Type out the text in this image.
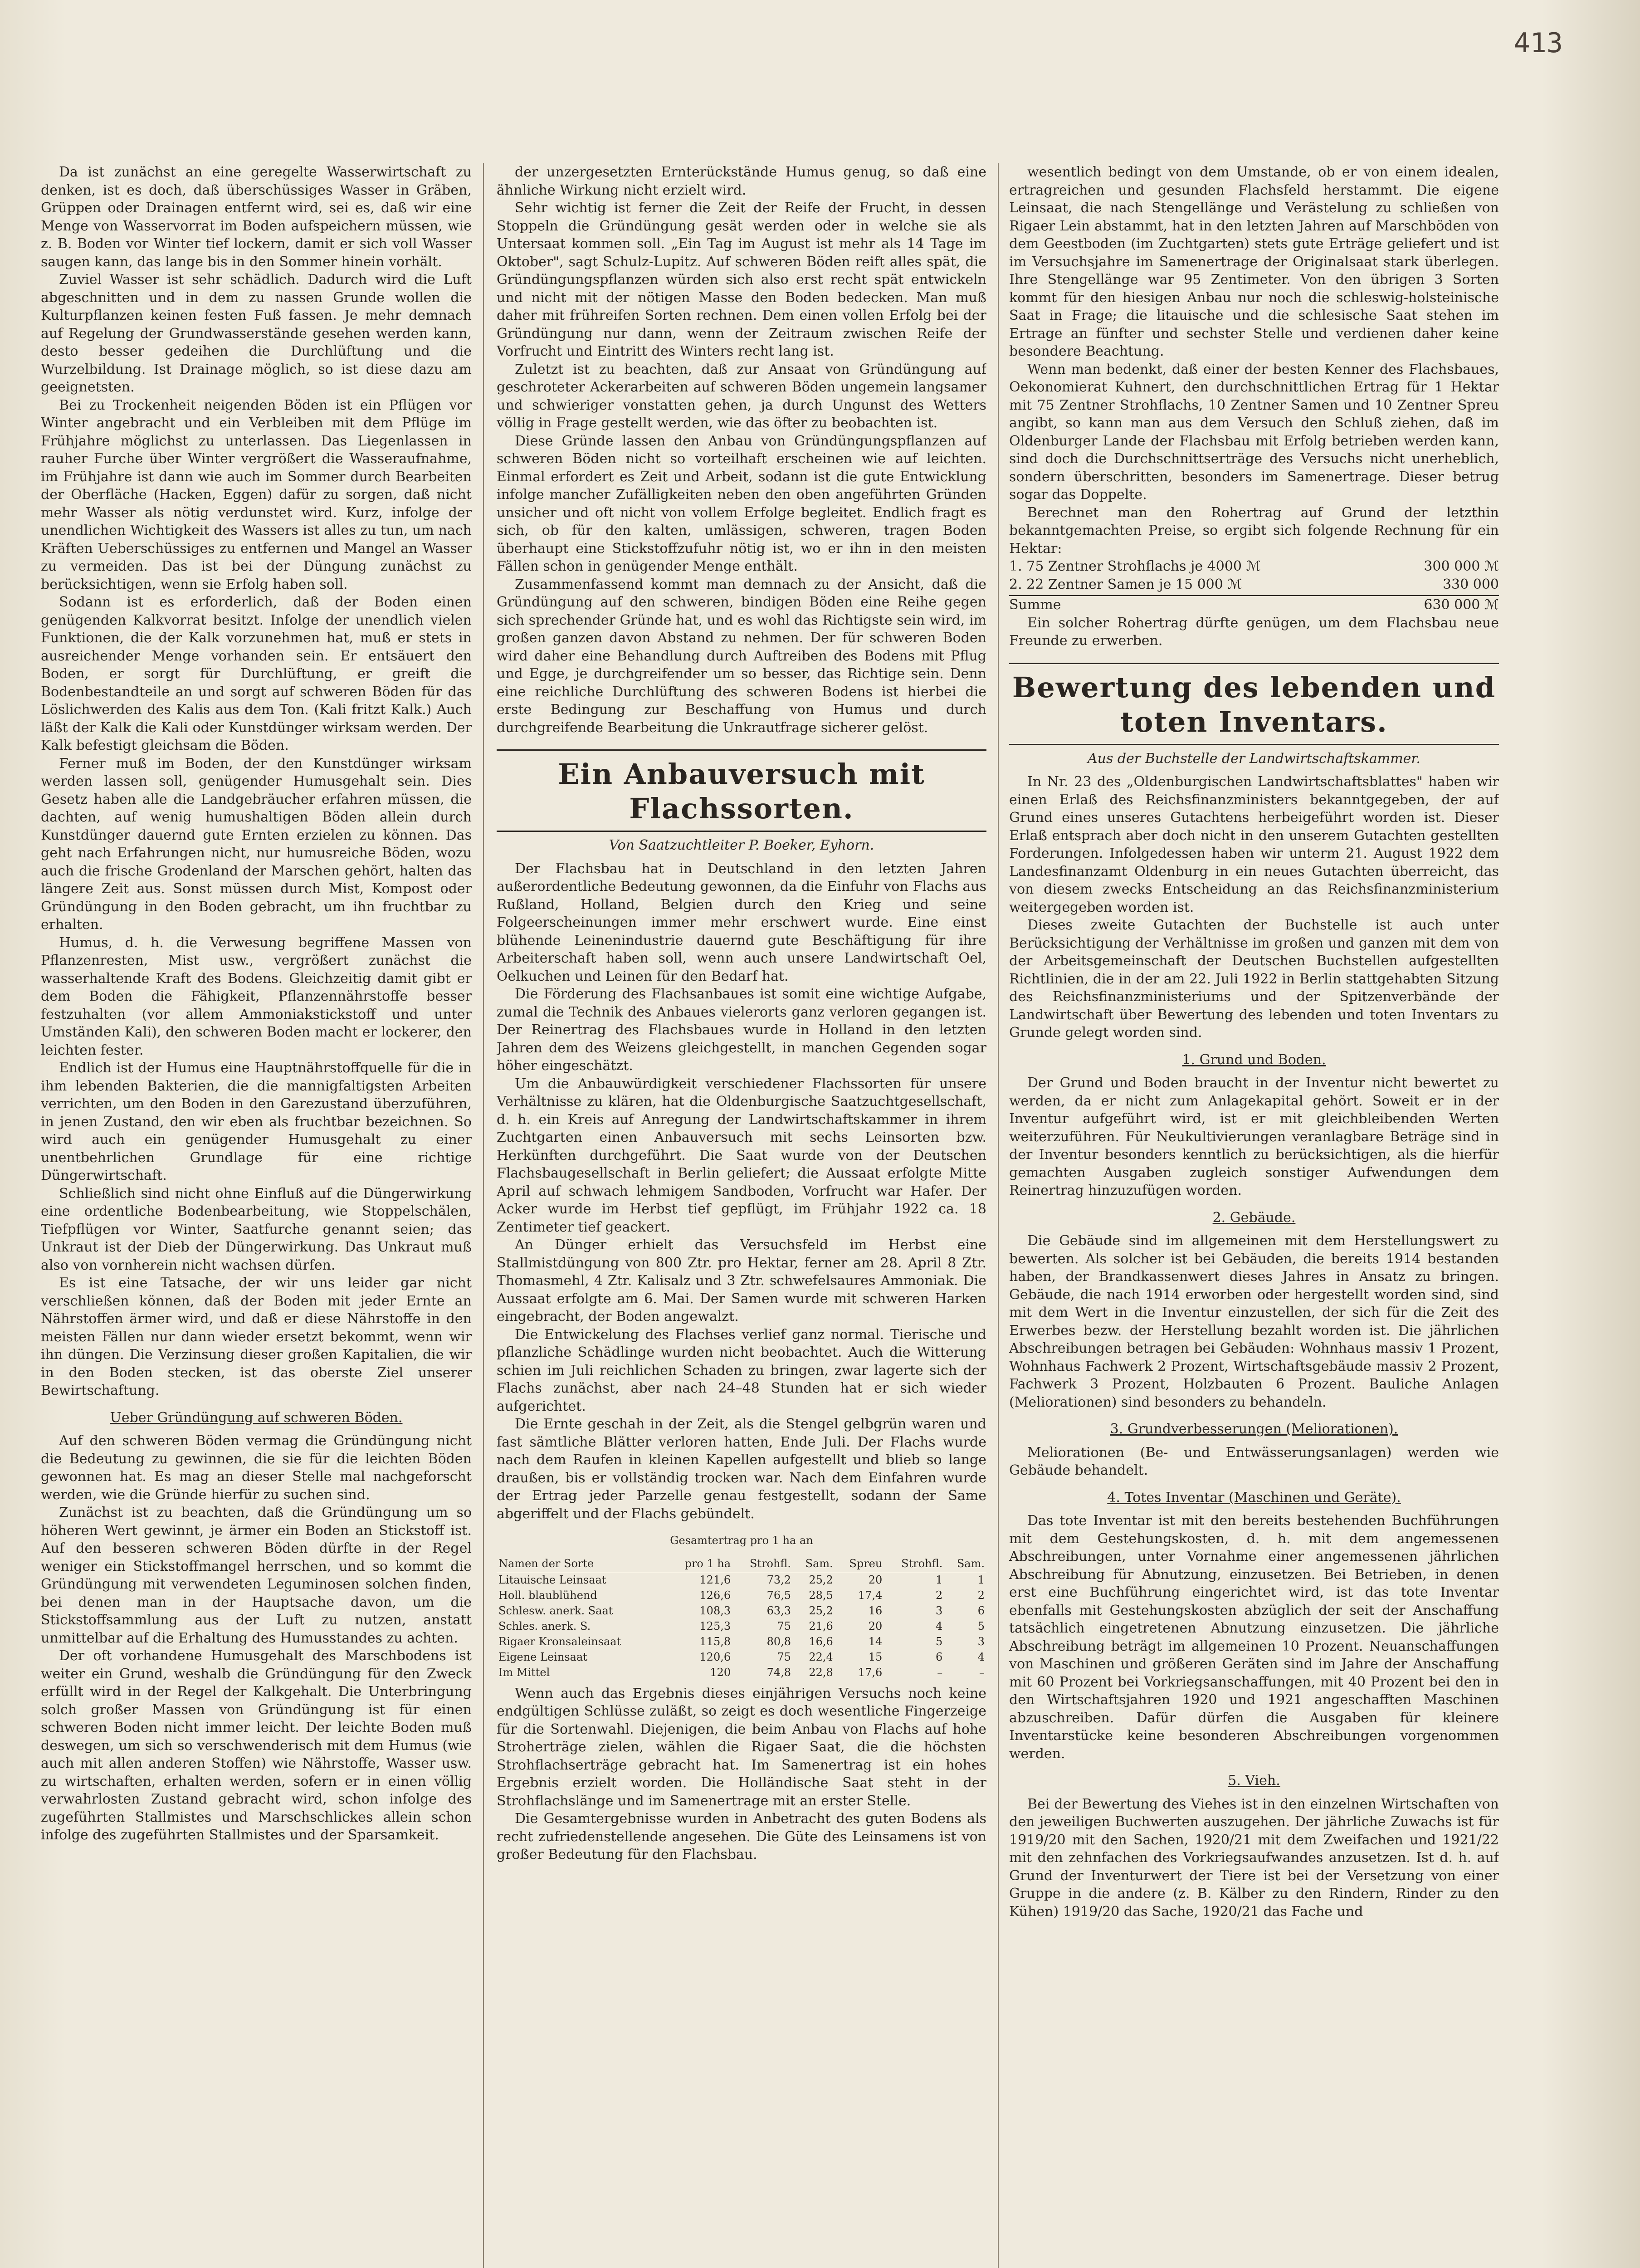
413

Da ist zunächst an eine geregelte Wasserwirtschaft zu denken, ist es doch, daß überschüssiges Wasser in Gräben, Grüppen oder Drainagen entfernt wird, sei es, daß wir eine Menge von Wasservorrat im Boden aufspeichern müssen, wie z. B. Boden vor Winter tief lockern, damit er sich voll Wasser saugen kann, das lange bis in den Sommer hinein vorhält.

Zuviel Wasser ist sehr schädlich. Dadurch wird die Luft abgeschnitten und in dem zu nassen Grunde wollen die Kulturpflanzen keinen festen Fuß fassen. Je mehr demnach auf Regelung der Grundwasserstände gesehen werden kann, desto besser gedeihen die Durchlüftung und die Wurzelbildung. Ist Drainage möglich, so ist diese dazu am geeignetsten.

Bei zu Trockenheit neigenden Böden ist ein Pflügen vor Winter angebracht und ein Verbleiben mit dem Pflüge im Frühjahre möglichst zu unterlassen. Das Liegenlassen in rauher Furche über Winter vergrößert die Wasseraufnahme, im Frühjahre ist dann wie auch im Sommer durch Bearbeiten der Oberfläche (Hacken, Eggen) dafür zu sorgen, daß nicht mehr Wasser als nötig verdunstet wird. Kurz, infolge der unendlichen Wichtigkeit des Wassers ist alles zu tun, um nach Kräften Ueberschüssiges zu entfernen und Mangel an Wasser zu vermeiden. Das ist bei der Düngung zunächst zu berücksichtigen, wenn sie Erfolg haben soll.

Sodann ist es erforderlich, daß der Boden einen genügenden Kalkvorrat besitzt. Infolge der unendlich vielen Funktionen, die der Kalk vorzunehmen hat, muß er stets in ausreichender Menge vorhanden sein. Er entsäuert den Boden, er sorgt für Durchlüftung, er greift die Bodenbestandteile an und sorgt auf schweren Böden für das Löslichwerden des Kalis aus dem Ton. (Kali fritzt Kalk.) Auch läßt der Kalk die Kali oder Kunstdünger wirksam werden. Der Kalk befestigt gleichsam die Böden.

Ferner muß im Boden, der den Kunstdünger wirksam werden lassen soll, genügender Humusgehalt sein. Dies Gesetz haben alle die Landgebräucher erfahren müssen, die dachten, auf wenig humushaltigen Böden allein durch Kunstdünger dauernd gute Ernten erzielen zu können. Das geht nach Erfahrungen nicht, nur humusreiche Böden, wozu auch die frische Grodenland der Marschen gehört, halten das längere Zeit aus. Sonst müssen durch Mist, Kompost oder Gründüngung in den Boden gebracht, um ihn fruchtbar zu erhalten.

Humus, d. h. die Verwesung begriffene Massen von Pflanzenresten, Mist usw., vergrößert zunächst die wasserhaltende Kraft des Bodens. Gleichzeitig damit gibt er dem Boden die Fähigkeit, Pflanzennährstoffe besser festzuhalten (vor allem Ammoniakstickstoff und unter Umständen Kali), den schweren Boden macht er lockerer, den leichten fester.

Endlich ist der Humus eine Hauptnährstoffquelle für die in ihm lebenden Bakterien, die die mannigfaltigsten Arbeiten verrichten, um den Boden in den Garezustand überzuführen, in jenen Zustand, den wir eben als fruchtbar bezeichnen. So wird auch ein genügender Humusgehalt zu einer unentbehrlichen Grundlage für eine richtige Düngerwirtschaft.

Schließlich sind nicht ohne Einfluß auf die Düngerwirkung eine ordentliche Bodenbearbeitung, wie Stoppelschälen, Tiefpflügen vor Winter, Saatfurche genannt seien; das Unkraut ist der Dieb der Düngerwirkung. Das Unkraut muß also von vornherein nicht wachsen dürfen.

Es ist eine Tatsache, der wir uns leider gar nicht verschließen können, daß der Boden mit jeder Ernte an Nährstoffen ärmer wird, und daß er diese Nährstoffe in den meisten Fällen nur dann wieder ersetzt bekommt, wenn wir ihn düngen. Die Verzinsung dieser großen Kapitalien, die wir in den Boden stecken, ist das oberste Ziel unserer Bewirtschaftung.

Ueber Gründüngung auf schweren Böden.

Auf den schweren Böden vermag die Gründüngung nicht die Bedeutung zu gewinnen, die sie für die leichten Böden gewonnen hat. Es mag an dieser Stelle mal nachgeforscht werden, wie die Gründe hierfür zu suchen sind.

Zunächst ist zu beachten, daß die Gründüngung um so höheren Wert gewinnt, je ärmer ein Boden an Stickstoff ist. Auf den besseren schweren Böden dürfte in der Regel weniger ein Stickstoffmangel herrschen, und so kommt die Gründüngung mit verwendeten Leguminosen solchen finden, bei denen man in der Hauptsache davon, um die Stickstoffsammlung aus der Luft zu nutzen, anstatt unmittelbar auf die Erhaltung des Humusstandes zu achten.

Der oft vorhandene Humusgehalt des Marschbodens ist weiter ein Grund, weshalb die Gründüngung für den Zweck erfüllt wird in der Regel der Kalkgehalt. Die Unterbringung solch großer Massen von Gründüngung ist für einen schweren Boden nicht immer leicht. Der leichte Boden muß deswegen, um sich so verschwenderisch mit dem Humus (wie auch mit allen anderen Stoffen) wie Nährstoffe, Wasser usw. zu wirtschaften, erhalten werden, sofern er in einen völlig verwahrlosten Zustand gebracht wird, schon infolge des zugeführten Stallmistes und Marschschlickes allein schon infolge des zugeführten Stallmistes und der Sparsamkeit.

der unzergesetzten Ernterückstände Humus genug, so daß eine ähnliche Wirkung nicht erzielt wird.

Sehr wichtig ist ferner die Zeit der Reife der Frucht, in dessen Stoppeln die Gründüngung gesät werden oder in welche sie als Untersaat kommen soll. „Ein Tag im August ist mehr als 14 Tage im Oktober", sagt Schulz-Lupitz. Auf schweren Böden reift alles spät, die Gründüngungspflanzen würden sich also erst recht spät entwickeln und nicht mit der nötigen Masse den Boden bedecken. Man muß daher mit frühreifen Sorten rechnen. Dem einen vollen Erfolg bei der Gründüngung nur dann, wenn der Zeitraum zwischen Reife der Vorfrucht und Eintritt des Winters recht lang ist.

Zuletzt ist zu beachten, daß zur Ansaat von Gründüngung auf geschroteter Ackerarbeiten auf schweren Böden ungemein langsamer und schwieriger vonstatten gehen, ja durch Ungunst des Wetters völlig in Frage gestellt werden, wie das öfter zu beobachten ist.

Diese Gründe lassen den Anbau von Gründüngungspflanzen auf schweren Böden nicht so vorteilhaft erscheinen wie auf leichten. Einmal erfordert es Zeit und Arbeit, sodann ist die gute Entwicklung infolge mancher Zufälligkeiten neben den oben angeführten Gründen unsicher und oft nicht von vollem Erfolge begleitet. Endlich fragt es sich, ob für den kalten, umlässigen, schweren, tragen Boden überhaupt eine Stickstoffzufuhr nötig ist, wo er ihn in den meisten Fällen schon in genügender Menge enthält.

Zusammenfassend kommt man demnach zu der Ansicht, daß die Gründüngung auf den schweren, bindigen Böden eine Reihe gegen sich sprechender Gründe hat, und es wohl das Richtigste sein wird, im großen ganzen davon Abstand zu nehmen. Der für schweren Boden wird daher eine Behandlung durch Auftreiben des Bodens mit Pflug und Egge, je durchgreifender um so besser, das Richtige sein. Denn eine reichliche Durchlüftung des schweren Bodens ist hierbei die erste Bedingung zur Beschaffung von Humus und durch durchgreifende Bearbeitung die Unkrautfrage sicherer gelöst.

Ein Anbauversuch mit Flachssorten.
Von Saatzuchtleiter P. Boeker, Eyhorn.

Der Flachsbau hat in Deutschland in den letzten Jahren außerordentliche Bedeutung gewonnen, da die Einfuhr von Flachs aus Rußland, Holland, Belgien durch den Krieg und seine Folgeerscheinungen immer mehr erschwert wurde. Eine einst blühende Leinenindustrie dauernd gute Beschäftigung für ihre Arbeiterschaft haben soll, wenn auch unsere Landwirtschaft Oel, Oelkuchen und Leinen für den Bedarf hat.

Die Förderung des Flachsanbaues ist somit eine wichtige Aufgabe, zumal die Technik des Anbaues vielerorts ganz verloren gegangen ist. Der Reinertrag des Flachsbaues wurde in Holland in den letzten Jahren dem des Weizens gleichgestellt, in manchen Gegenden sogar höher eingeschätzt.

Um die Anbauwürdigkeit verschiedener Flachssorten für unsere Verhältnisse zu klären, hat die Oldenburgische Saatzuchtgesellschaft, d. h. ein Kreis auf Anregung der Landwirtschaftskammer in ihrem Zuchtgarten einen Anbauversuch mit sechs Leinsorten bzw. Herkünften durchgeführt. Die Saat wurde von der Deutschen Flachsbaugesellschaft in Berlin geliefert; die Aussaat erfolgte Mitte April auf schwach lehmigem Sandboden, Vorfrucht war Hafer. Der Acker wurde im Herbst tief gepflügt, im Frühjahr 1922 ca. 18 Zentimeter tief geackert.

An Dünger erhielt das Versuchsfeld im Herbst eine Stallmistdüngung von 800 Ztr. pro Hektar, ferner am 28. April 8 Ztr. Thomasmehl, 4 Ztr. Kalisalz und 3 Ztr. schwefelsaures Ammoniak. Die Aussaat erfolgte am 6. Mai. Der Samen wurde mit schweren Harken eingebracht, der Boden angewalzt.

Die Entwickelung des Flachses verlief ganz normal. Tierische und pflanzliche Schädlinge wurden nicht beobachtet. Auch die Witterung schien im Juli reichlichen Schaden zu bringen, zwar lagerte sich der Flachs zunächst, aber nach 24–48 Stunden hat er sich wieder aufgerichtet.

Die Ernte geschah in der Zeit, als die Stengel gelbgrün waren und fast sämtliche Blätter verloren hatten, Ende Juli. Der Flachs wurde nach dem Raufen in kleinen Kapellen aufgestellt und blieb so lange draußen, bis er vollständig trocken war. Nach dem Einfahren wurde der Ertrag jeder Parzelle genau festgestellt, sodann der Same abgeriffelt und der Flachs gebündelt.

Gesamtertrag pro 1 ha an
Namen der Sorte	pro 1 ha	Strohfl.	Sam.	Spreu	Strohfl.	Sam.
Litauische Leinsaat	121,6	73,2	25,2	20	1	1
Holl. blaublühend	126,6	76,5	28,5	17,4	2	2
Schlesw. anerk. Saat	108,3	63,3	25,2	16	3	6
Schles. anerk. S.	125,3	75	21,6	20	4	5
Rigaer Kronsaleinsaat	115,8	80,8	16,6	14	5	3
Eigene Leinsaat	120,6	75	22,4	15	6	4
Im Mittel	120	74,8	22,8	17,6	–	–

Wenn auch das Ergebnis dieses einjährigen Versuchs noch keine endgültigen Schlüsse zuläßt, so zeigt es doch wesentliche Fingerzeige für die Sortenwahl. Diejenigen, die beim Anbau von Flachs auf hohe Stroherträge zielen, wählen die Rigaer Saat, die die höchsten Strohflachserträge gebracht hat. Im Samenertrag ist ein hohes Ergebnis erzielt worden. Die Holländische Saat steht in der Strohflachslänge und im Samenertrage mit an erster Stelle.

Die Gesamtergebnisse wurden in Anbetracht des guten Bodens als recht zufriedenstellende angesehen. Die Güte des Leinsamens ist von großer Bedeutung für den Flachsbau.

wesentlich bedingt von dem Umstande, ob er von einem idealen, ertragreichen und gesunden Flachsfeld herstammt. Die eigene Leinsaat, die nach Stengellänge und Verästelung zu schließen von Rigaer Lein abstammt, hat in den letzten Jahren auf Marschböden von dem Geestboden (im Zuchtgarten) stets gute Erträge geliefert und ist im Versuchsjahre im Samenertrage der Originalsaat stark überlegen. Ihre Stengellänge war 95 Zentimeter. Von den übrigen 3 Sorten kommt für den hiesigen Anbau nur noch die schleswig-holsteinische Saat in Frage; die litauische und die schlesische Saat stehen im Ertrage an fünfter und sechster Stelle und verdienen daher keine besondere Beachtung.

Wenn man bedenkt, daß einer der besten Kenner des Flachsbaues, Oekonomierat Kuhnert, den durchschnittlichen Ertrag für 1 Hektar mit 75 Zentner Strohflachs, 10 Zentner Samen und 10 Zentner Spreu angibt, so kann man aus dem Versuch den Schluß ziehen, daß im Oldenburger Lande der Flachsbau mit Erfolg betrieben werden kann, sind doch die Durchschnittserträge des Versuchs nicht unerheblich, sondern überschritten, besonders im Samenertrage. Dieser betrug sogar das Doppelte.

Berechnet man den Rohertrag auf Grund der letzthin bekanntgemachten Preise, so ergibt sich folgende Rechnung für ein Hektar:

1. 75 Zentner Strohflachs je 4000 ℳ	300 000 ℳ
2. 22 Zentner Samen je 15 000 ℳ	330 000
Summe	630 000 ℳ

Ein solcher Rohertrag dürfte genügen, um dem Flachsbau neue Freunde zu erwerben.

Bewertung des lebenden und toten Inventars.
Aus der Buchstelle der Landwirtschaftskammer.

In Nr. 23 des „Oldenburgischen Landwirtschaftsblattes" haben wir einen Erlaß des Reichsfinanzministers bekanntgegeben, der auf Grund eines unseres Gutachtens herbeigeführt worden ist. Dieser Erlaß entsprach aber doch nicht in den unserem Gutachten gestellten Forderungen. Infolgedessen haben wir unterm 21. August 1922 dem Landesfinanzamt Oldenburg in ein neues Gutachten überreicht, das von diesem zwecks Entscheidung an das Reichsfinanzministerium weitergegeben worden ist.

Dieses zweite Gutachten der Buchstelle ist auch unter Berücksichtigung der Verhältnisse im großen und ganzen mit dem von der Arbeitsgemeinschaft der Deutschen Buchstellen aufgestellten Richtlinien, die in der am 22. Juli 1922 in Berlin stattgehabten Sitzung des Reichsfinanzministeriums und der Spitzenverbände der Landwirtschaft über Bewertung des lebenden und toten Inventars zu Grunde gelegt worden sind.

1. Grund und Boden.

Der Grund und Boden braucht in der Inventur nicht bewertet zu werden, da er nicht zum Anlagekapital gehört. Soweit er in der Inventur aufgeführt wird, ist er mit gleichbleibenden Werten weiterzuführen. Für Neukultivierungen veranlagbare Beträge sind in der Inventur besonders kenntlich zu berücksichtigen, als die hierfür gemachten Ausgaben zugleich sonstiger Aufwendungen dem Reinertrag hinzuzufügen worden.

2. Gebäude.

Die Gebäude sind im allgemeinen mit dem Herstellungswert zu bewerten. Als solcher ist bei Gebäuden, die bereits 1914 bestanden haben, der Brandkassenwert dieses Jahres in Ansatz zu bringen. Gebäude, die nach 1914 erworben oder hergestellt worden sind, sind mit dem Wert in die Inventur einzustellen, der sich für die Zeit des Erwerbes bezw. der Herstellung bezahlt worden ist. Die jährlichen Abschreibungen betragen bei Gebäuden: Wohnhaus massiv 1 Prozent, Wohnhaus Fachwerk 2 Prozent, Wirtschaftsgebäude massiv 2 Prozent, Fachwerk 3 Prozent, Holzbauten 6 Prozent. Bauliche Anlagen (Meliorationen) sind besonders zu behandeln.

3. Grundverbesserungen (Meliorationen).

Meliorationen (Be- und Entwässerungsanlagen) werden wie Gebäude behandelt.

4. Totes Inventar (Maschinen und Geräte).

Das tote Inventar ist mit den bereits bestehenden Buchführungen mit dem Gestehungskosten, d. h. mit dem angemessenen Abschreibungen, unter Vornahme einer angemessenen jährlichen Abschreibung für Abnutzung, einzusetzen. Bei Betrieben, in denen erst eine Buchführung eingerichtet wird, ist das tote Inventar ebenfalls mit Gestehungskosten abzüglich der seit der Anschaffung tatsächlich eingetretenen Abnutzung einzusetzen. Die jährliche Abschreibung beträgt im allgemeinen 10 Prozent. Neuanschaffungen von Maschinen und größeren Geräten sind im Jahre der Anschaffung mit 60 Prozent bei Vorkriegsanschaffungen, mit 40 Prozent bei den in den Wirtschaftsjahren 1920 und 1921 angeschafften Maschinen abzuschreiben. Dafür dürfen die Ausgaben für kleinere Inventarstücke keine besonderen Abschreibungen vorgenommen werden.

5. Vieh.

Bei der Bewertung des Viehes ist in den einzelnen Wirtschaften von den jeweiligen Buchwerten auszugehen. Der jährliche Zuwachs ist für 1919/20 mit den Sachen, 1920/21 mit dem Zweifachen und 1921/22 mit den zehnfachen des Vorkriegsaufwandes anzusetzen. Ist d. h. auf Grund der Inventurwert der Tiere ist bei der Versetzung von einer Gruppe in die andere (z. B. Kälber zu den Rindern, Rinder zu den Kühen) 1919/20 das Sache, 1920/21 das Fache und
